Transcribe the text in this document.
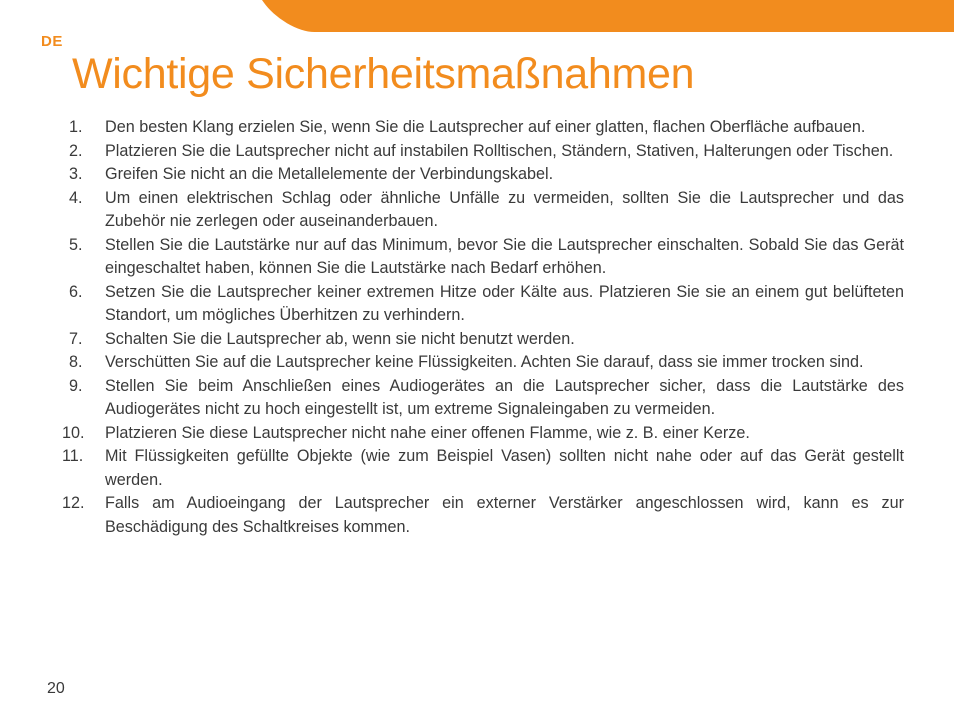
DE
Wichtige Sicherheitsmaßnahmen
1. Den besten Klang erzielen Sie, wenn Sie die Lautsprecher auf einer glatten, flachen Oberfläche aufbauen.
2. Platzieren Sie die Lautsprecher nicht auf instabilen Rolltischen, Ständern, Stativen, Halterungen oder Tischen.
3. Greifen Sie nicht an die Metallelemente der Verbindungskabel.
4. Um einen elektrischen Schlag oder ähnliche Unfälle zu vermeiden, sollten Sie die Lautsprecher und das Zubehör nie zerlegen oder auseinanderbauen.
5. Stellen Sie die Lautstärke nur auf das Minimum, bevor Sie die Lautsprecher einschalten. Sobald Sie das Gerät eingeschaltet haben, können Sie die Lautstärke nach Bedarf erhöhen.
6. Setzen Sie die Lautsprecher keiner extremen Hitze oder Kälte aus. Platzieren Sie sie an einem gut belüfteten Standort, um mögliches Überhitzen zu verhindern.
7. Schalten Sie die Lautsprecher ab, wenn sie nicht benutzt werden.
8. Verschütten Sie auf die Lautsprecher keine Flüssigkeiten. Achten Sie darauf, dass sie immer trocken sind.
9. Stellen Sie beim Anschließen eines Audiogerätes an die Lautsprecher sicher, dass die Lautstärke des Audiogerätes nicht zu hoch eingestellt ist, um extreme Signaleingaben zu vermeiden.
10. Platzieren Sie diese Lautsprecher nicht nahe einer offenen Flamme, wie z. B. einer Kerze.
11. Mit Flüssigkeiten gefüllte Objekte (wie zum Beispiel Vasen) sollten nicht nahe oder auf das Gerät gestellt werden.
12. Falls am Audioeingang der Lautsprecher ein externer Verstärker angeschlossen wird, kann es zur Beschädigung des Schaltkreises kommen.
20
